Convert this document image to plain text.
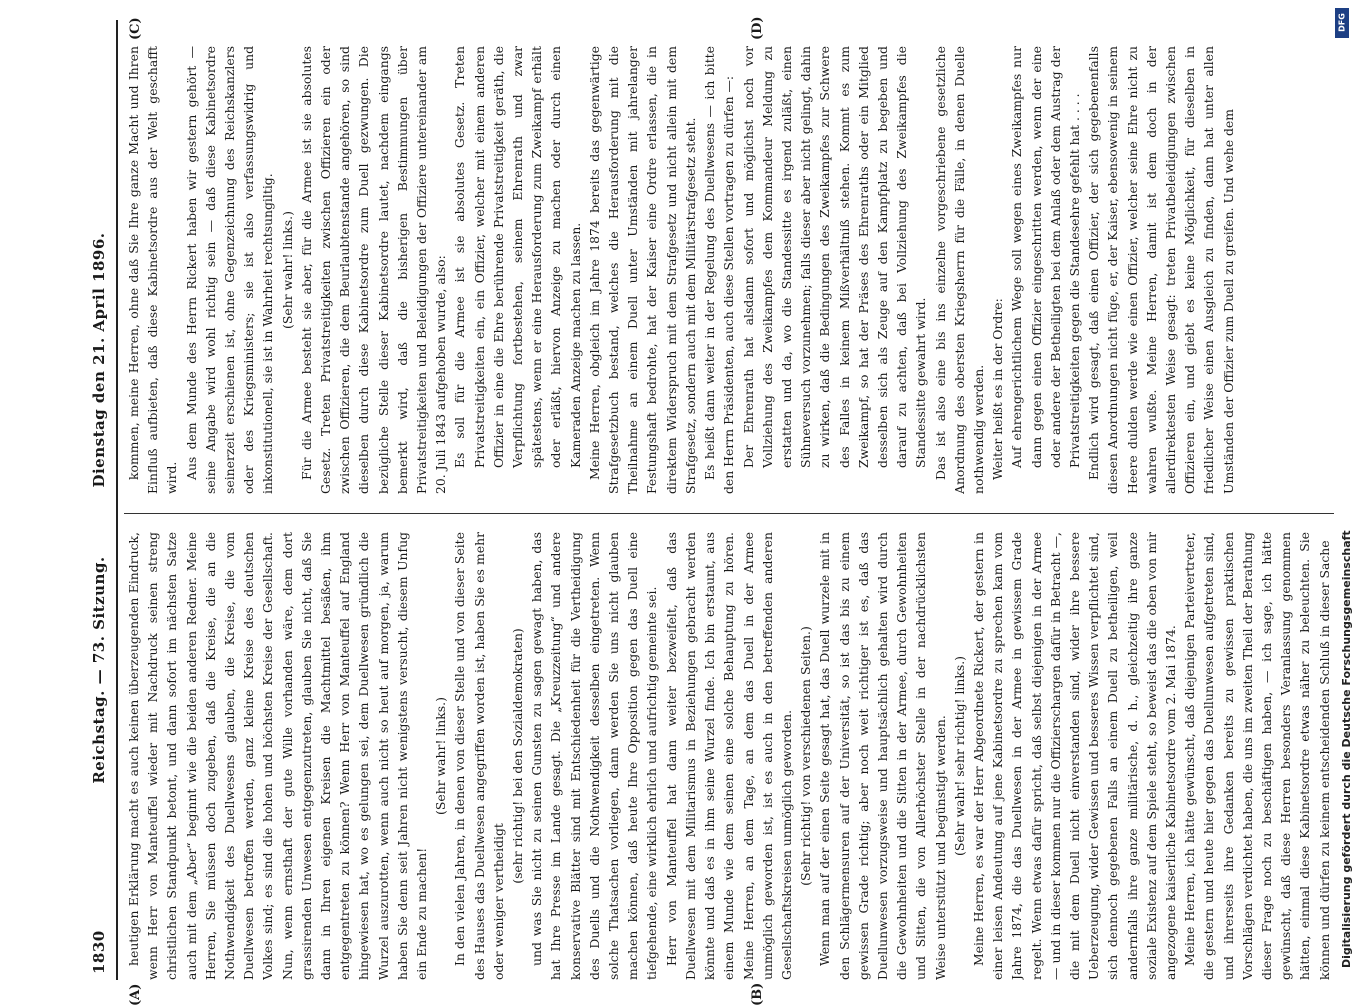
1830
Reichstag. — 73. Sitzung.
Dienstag den 21. April 1896.
(A)	(B)
(C)	(D)

heutigen Erklärung macht es auch keinen überzeugenden Eindruck, wenn Herr von Manteuffel wieder mit Nachdruck seinen streng christlichen Standpunkt betont, und dann sofort im nächsten Satze auch mit dem „Aber“ beginnt wie die beiden anderen Redner. Meine Herren, Sie müssen doch zugeben, daß die Kreise, die an die Nothwendigkeit des Duellwesens glauben, die Kreise, die vom Duellwesen betroffen werden, ganz kleine Kreise des deutschen Volkes sind; es sind die hohen und höchsten Kreise der Gesellschaft. Nun, wenn ernsthaft der gute Wille vorhanden wäre, dem dort grassirenden Unwesen entgegenzutreten, glauben Sie nicht, daß Sie dann in Ihren eigenen Kreisen die Machtmittel besäßen, ihm entgegentreten zu können? Wenn Herr von Manteuffel auf England hingewiesen hat, wo es gelungen sei, dem Duellwesen gründlich die Wurzel auszurotten, wenn auch nicht so heut auf morgen, ja, warum haben Sie denn seit Jahren nicht wenigstens versucht, diesem Unfug ein Ende zu machen!

(Sehr wahr! links.) In den vielen Jahren, in denen von dieser Stelle und von dieser Seite des Hauses das Duellwesen angegriffen worden ist, haben Sie es mehr oder weniger vertheidigt

(sehr richtig! bei den Sozialdemokraten) und was Sie nicht zu seinen Gunsten zu sagen gewagt haben, das hat Ihre Presse im Lande gesagt. Die „Kreuzzeitung“ und andere konservative Blätter sind mit Entschiedenheit für die Vertheidigung des Duells und die Nothwendigkeit desselben eingetreten. Wenn solche Thatsachen vorliegen, dann werden Sie uns nicht glauben machen können, daß heute Ihre Opposition gegen das Duell eine tiefgehende, eine wirklich ehrlich und aufrichtig gemeinte sei. Herr von Manteuffel hat dann weiter bezweifelt, daß das Duellwesen mit dem Militarismus in Beziehungen gebracht werden könnte und daß es in ihm seine Wurzel finde. Ich bin erstaunt, aus einem Munde wie dem seinen eine solche Behauptung zu hören. Meine Herren, an dem Tage, an dem das Duell in der Armee unmöglich geworden ist, ist es auch in den betreffenden anderen Gesellschaftskreisen unmöglich geworden. (Sehr richtig! von verschiedenen Seiten.) Wenn man auf der einen Seite gesagt hat, das Duell wurzele mit in den Schlägermensuren auf der Universität, so ist das bis zu einem gewissen Grade richtig; aber noch weit richtiger ist es, daß das Duellunwesen vorzugsweise und hauptsächlich gehalten wird durch die Gewohnheiten und die Sitten in der Armee, durch Gewohnheiten und Sitten, die von Allerhöchster Stelle in der nachdrücklichsten Weise unterstützt und begünstigt werden. (Sehr wahr! sehr richtig! links.) Meine Herren, es war der Herr Abgeordnete Rickert, der gestern in einer leisen Andeutung auf jene Kabinetsordre zu sprechen kam vom Jahre 1874, die das Duellwesen in der Armee in gewissem Grade regelt. Wenn etwas dafür spricht, daß selbst diejenigen in der Armee — und in dieser kommen nur die Offizierschargen dafür in Betracht —, die mit dem Duell nicht einverstanden sind, wider ihre bessere Ueberzeugung, wider Gewissen und besseres Wissen verpflichtet sind, sich dennoch gegebenen Falls an einem Duell zu betheiligen, weil andernfalls ihre ganze militärische, d. h., gleichzeitig ihre ganze soziale Existenz auf dem Spiele steht, so beweist das die oben von mir angezogene kaiserliche Kabinetsordre vom 2. Mai 1874. Meine Herren, ich hätte gewünscht, daß diejenigen Parteivertreter, die gestern und heute hier gegen das Duellunwesen aufgetreten sind, und ihrerseits ihre Gedanken bereits zu gewissen praktischen Vorschlägen verdichtet haben, die uns im zweiten Theil der Berathung dieser Frage noch zu beschäftigen haben, — ich sage, ich hätte gewünscht, daß diese Herren besonders Veranlassung genommen hätten, einmal diese Kabinetsordre etwas näher zu beleuchten. Sie können und dürfen zu keinem entscheidenden Schluß in dieser Sache

kommen, meine Herren, ohne daß Sie Ihre ganze Macht und Ihren Einfluß aufbieten, daß diese Kabinetsordre aus der Welt geschafft wird. Aus dem Munde des Herrn Rickert haben wir gestern gehört — seine Angabe wird wohl richtig sein — daß diese Kabinetsordre seinerzeit erschienen ist, ohne Gegenzeichnung des Reichskanzlers oder des Kriegsministers; sie ist also verfassungswidrig und inkonstitutionell, sie ist in Wahrheit rechtsungiltig. (Sehr wahr! links.) Für die Armee besteht sie aber, für die Armee ist sie absolutes Gesetz. Treten Privatstreitigkeiten zwischen Offizieren ein oder zwischen Offizieren, die dem Beurlaubtenstande angehören, so sind dieselben durch diese Kabinetsordre zum Duell gezwungen. Die bezügliche Stelle dieser Kabinetsordre lautet, nachdem eingangs bemerkt wird, daß die bisherigen Bestimmungen über Privatstreitigkeiten und Beleidigungen der Offiziere untereinander am 20. Juli 1843 aufgehoben wurde, also: Es soll für die Armee ist sie absolutes Gesetz. Treten Privatstreitigkeiten ein, ein Offizier, welcher mit einem anderen Offizier in eine die Ehre berührende Privatstreitigkeit geräth, die Verpflichtung fortbestehen, seinem Ehrenrath und zwar spätestens, wenn er eine Herausforderung zum Zweikampf erhält oder erläßt, hiervon Anzeige zu machen oder durch einen Kameraden Anzeige machen zu lassen. Meine Herren, obgleich im Jahre 1874 bereits das gegenwärtige Strafgesetzbuch bestand, welches die Herausforderung mit die Theilnahme an einem Duell unter Umständen mit jahrelanger Festungshaft bedrohte, hat der Kaiser eine Ordre erlassen, die in direktem Widerspruch mit dem Strafgesetz und nicht allein mit dem Strafgesetz, sondern auch mit dem Militärstrafgesetz steht. Es heißt dann weiter in der Regelung des Duellwesens — ich bitte den Herrn Präsidenten, auch diese Stellen vortragen zu dürfen —: Der Ehrenrath hat alsdann sofort und möglichst noch vor Vollziehung des Zweikampfes dem Kommandeur Meldung zu erstatten und da, wo die Standessitte es irgend zuläßt, einen Sühneversuch vorzunehmen; falls dieser aber nicht gelingt, dahin zu wirken, daß die Bedingungen des Zweikampfes zur Schwere des Falles in keinem Mißverhältniß stehen. Kommt es zum Zweikampf, so hat der Präses des Ehrenraths oder ein Mitglied desselben sich als Zeuge auf den Kampfplatz zu begeben und darauf zu achten, daß bei Vollziehung des Zweikampfes die Standessitte gewahrt wird. Das ist also eine bis ins einzelne vorgeschriebene gesetzliche Anordnung des obersten Kriegsherrn für die Fälle, in denen Duelle nothwendig werden. Weiter heißt es in der Ordre: Auf ehrengerichtlichem Wege soll wegen eines Zweikampfes nur dann gegen einen Offizier eingeschritten werden, wenn der eine oder andere der Betheiligten bei dem Anlaß oder dem Austrag der Privatstreitigkeiten gegen die Standesehre gefehlt hat . . . . Endlich wird gesagt, daß einen Offizier, der sich gegebenenfalls diesen Anordnungen nicht füge, er, der Kaiser, ebensowenig in seinem Heere dulden werde wie einen Offizier, welcher seine Ehre nicht zu wahren wußte. Meine Herren, damit ist dem doch in der allerdirektesten Weise gesagt: treten Privatbeleidigungen zwischen Offizieren ein, und giebt es keine Möglichkeit, für dieselben in friedlicher Weise einen Ausgleich zu finden, dann hat unter allen Umständen der Offizier zum Duell zu greifen. Und wehe dem

DFG
Digitalisierung gefördert durch die Deutsche Forschungsgemeinschaft
